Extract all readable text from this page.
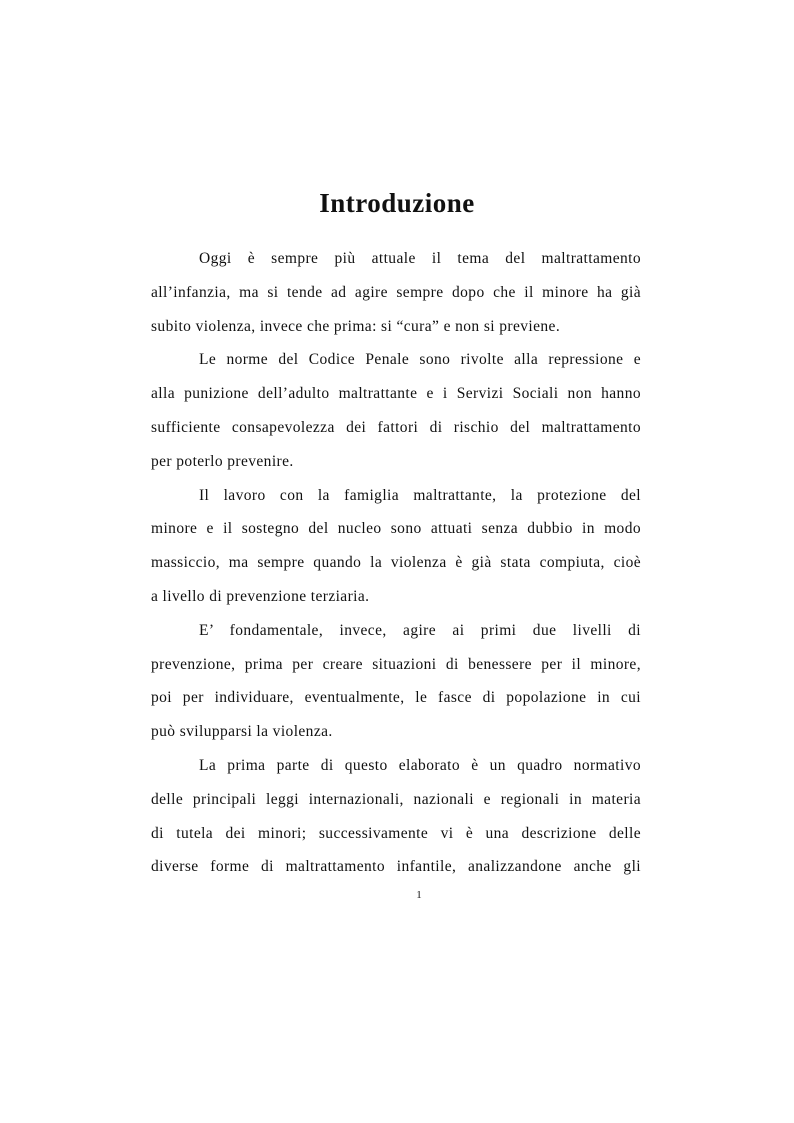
Introduzione
Oggi è sempre più attuale il tema del maltrattamento
all’infanzia, ma si tende ad agire sempre dopo che il minore ha già
subito violenza, invece che prima: si “cura” e non si previene.
Le norme del Codice Penale sono rivolte alla repressione e
alla punizione dell’adulto maltrattante e i Servizi Sociali non hanno
sufficiente consapevolezza dei fattori di rischio del maltrattamento
per poterlo prevenire.
Il lavoro con la famiglia maltrattante, la protezione del
minore e il sostegno del nucleo sono attuati senza dubbio in modo
massiccio, ma sempre quando la violenza è già stata compiuta, cioè
a livello di prevenzione terziaria.
E’ fondamentale, invece, agire ai primi due livelli di
prevenzione, prima per creare situazioni di benessere per il minore,
poi per individuare, eventualmente, le fasce di popolazione in cui
può svilupparsi la violenza.
La prima parte di questo elaborato è un quadro normativo
delle principali leggi internazionali, nazionali e regionali in materia
di tutela dei minori; successivamente vi è una descrizione delle
diverse forme di maltrattamento infantile, analizzandone anche gli
1
